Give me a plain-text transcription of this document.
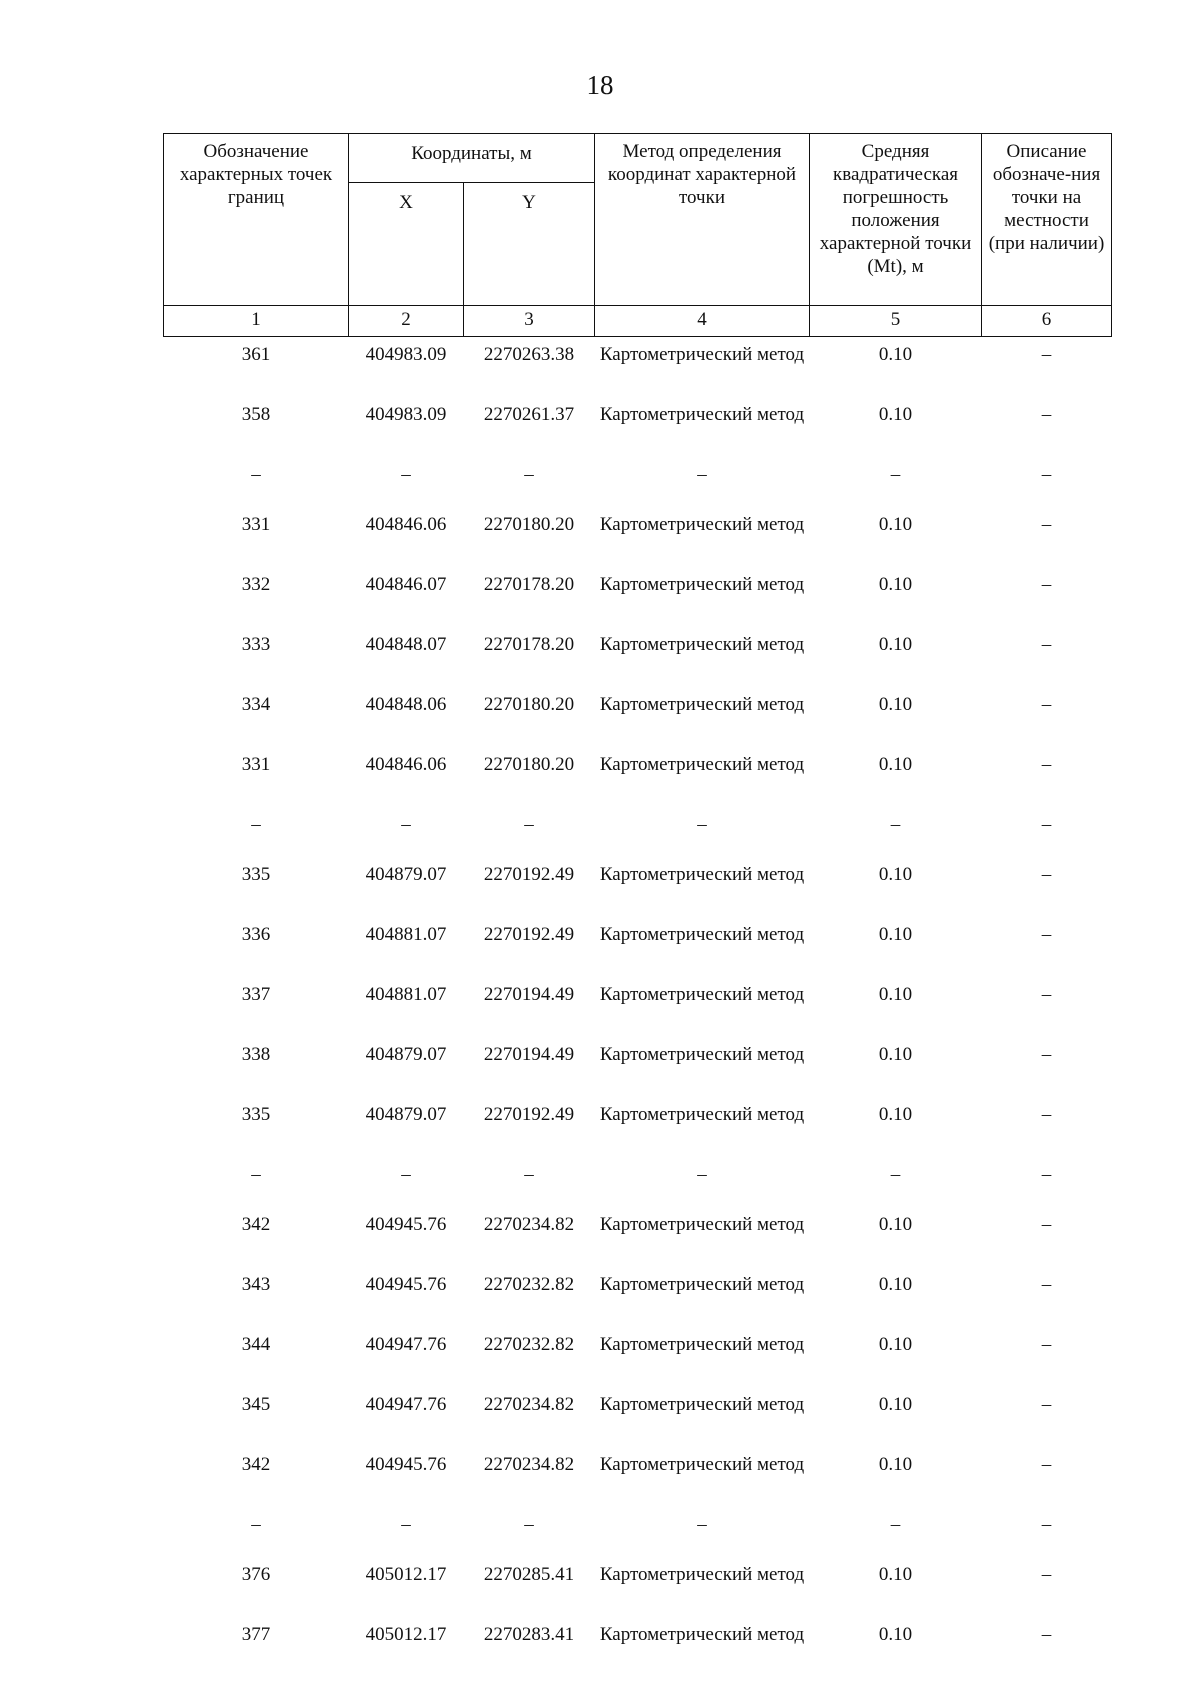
18
Обозначение характерных точек границ	Координаты, м		Метод определения координат характерной точки	Средняя квадратическая погрешность положения характерной точки (Mt), м	Описание обозначе-ния точки на местности (при наличии)
	X	Y			
1	2	3	4	5	6
361	404983.09	2270263.38	Картометрический метод	0.10	–
358	404983.09	2270261.37	Картометрический метод	0.10	–
–	–	–	–	–	–
331	404846.06	2270180.20	Картометрический метод	0.10	–
332	404846.07	2270178.20	Картометрический метод	0.10	–
333	404848.07	2270178.20	Картометрический метод	0.10	–
334	404848.06	2270180.20	Картометрический метод	0.10	–
331	404846.06	2270180.20	Картометрический метод	0.10	–
–	–	–	–	–	–
335	404879.07	2270192.49	Картометрический метод	0.10	–
336	404881.07	2270192.49	Картометрический метод	0.10	–
337	404881.07	2270194.49	Картометрический метод	0.10	–
338	404879.07	2270194.49	Картометрический метод	0.10	–
335	404879.07	2270192.49	Картометрический метод	0.10	–
–	–	–	–	–	–
342	404945.76	2270234.82	Картометрический метод	0.10	–
343	404945.76	2270232.82	Картометрический метод	0.10	–
344	404947.76	2270232.82	Картометрический метод	0.10	–
345	404947.76	2270234.82	Картометрический метод	0.10	–
342	404945.76	2270234.82	Картометрический метод	0.10	–
–	–	–	–	–	–
376	405012.17	2270285.41	Картометрический метод	0.10	–
377	405012.17	2270283.41	Картометрический метод	0.10	–
